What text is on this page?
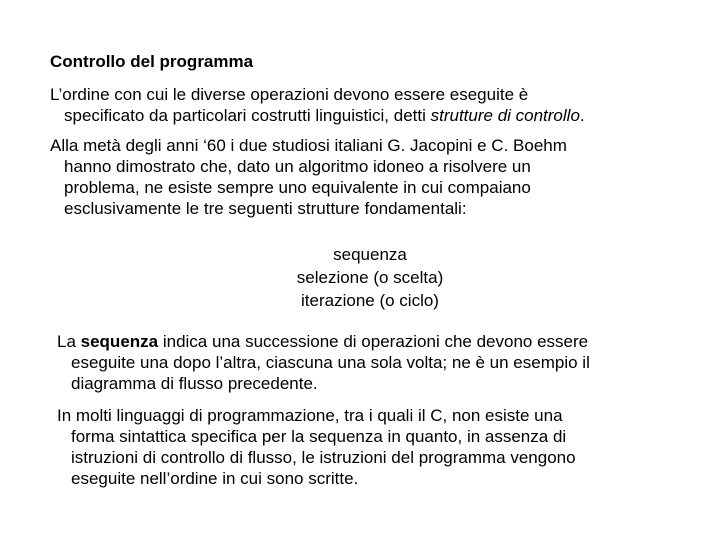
Controllo del programma
L’ordine con cui le diverse operazioni devono essere eseguite è
specificato da particolari costrutti linguistici, detti strutture di controllo.
Alla metà degli anni ‘60 i due studiosi italiani G. Jacopini e C. Boehm
hanno dimostrato che, dato un algoritmo idoneo a risolvere un
problema, ne esiste sempre uno equivalente in cui compaiano
esclusivamente le tre seguenti strutture fondamentali:
sequenza
selezione (o scelta)
iterazione (o ciclo)
La sequenza indica una successione di operazioni che devono essere
eseguite una dopo l’altra, ciascuna una sola volta; ne è un esempio il
diagramma di flusso precedente.
In molti linguaggi di programmazione, tra i quali il C, non esiste una
forma sintattica specifica per la sequenza in quanto, in assenza di
istruzioni di controllo di flusso, le istruzioni del programma vengono
eseguite nell’ordine in cui sono scritte.
